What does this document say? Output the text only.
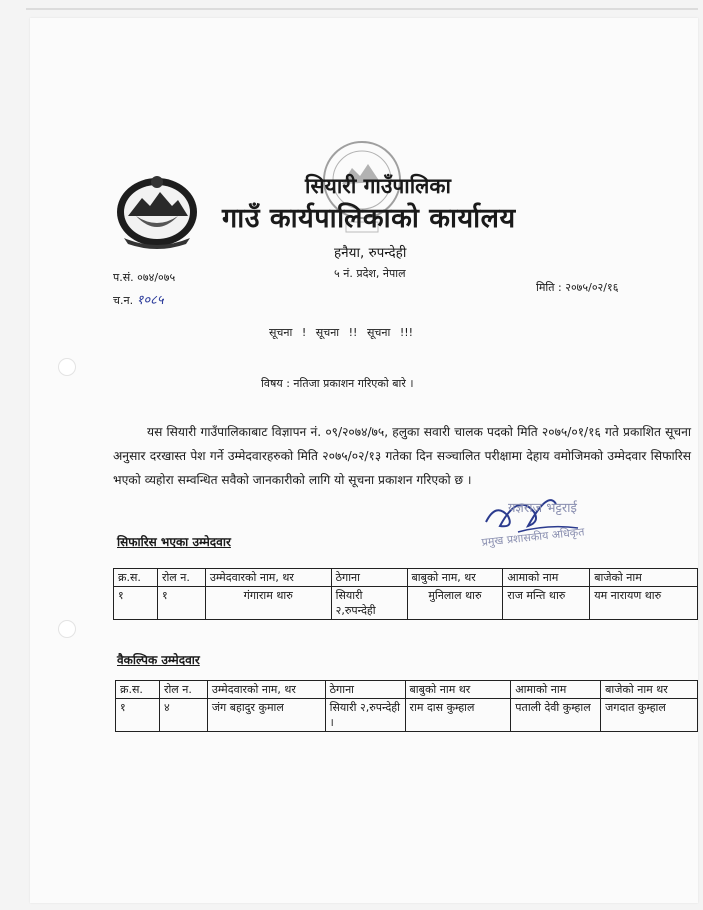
सियारी गाउँपालिका
गाउँ कार्यपालिकाको कार्यालय
हनैया, रुपन्देही
५ नं. प्रदेश, नेपाल
प.सं. ०७४/०७५
च.न. १०८५
मिति : २०७५/०२/१६
सूचना ! सूचना !! सूचना !!!
विषय : नतिजा प्रकाशन गरिएको बारे ।
यस सियारी गाउँपालिकाबाट विज्ञापन नं. ०९/२०७४/७५, हलुका सवारी चालक पदको मिति २०७५/०१/१६ गते प्रकाशित सूचना अनुसार दरखास्त पेश गर्ने उम्मेदवारहरुको मिति २०७५/०२/१३ गतेका दिन सञ्चालित परीक्षामा देहाय वमोजिमको उम्मेदवार सिफारिस भएको व्यहोरा सम्वन्धित सवैको जानकारीको लागि यो सूचना प्रकाशन गरिएको छ ।
यज्ञराज भट्टराई
प्रमुख प्रशासकीय अधिकृत
सिफारिस भएका उम्मेदवार
क्र.स.	रोल न.	उम्मेदवारको नाम, थर	ठेगाना	बाबुको नाम, थर	आमाको नाम	बाजेको नाम
१	१	गंगाराम थारु	सियारी २,रुपन्देही	मुनिलाल थारु	राज मन्ति थारु	यम नारायण थारु
वैकल्पिक उम्मेदवार
क्र.स.	रोल न.	उम्मेदवारको नाम, थर	ठेगाना	बाबुको नाम थर	आमाको नाम	बाजेको नाम थर
१	४	जंग बहादुर कुमाल	सियारी २,रुपन्देही ।	राम दास कुम्हाल	पताली देवी कुम्हाल	जगदात कुम्हाल
